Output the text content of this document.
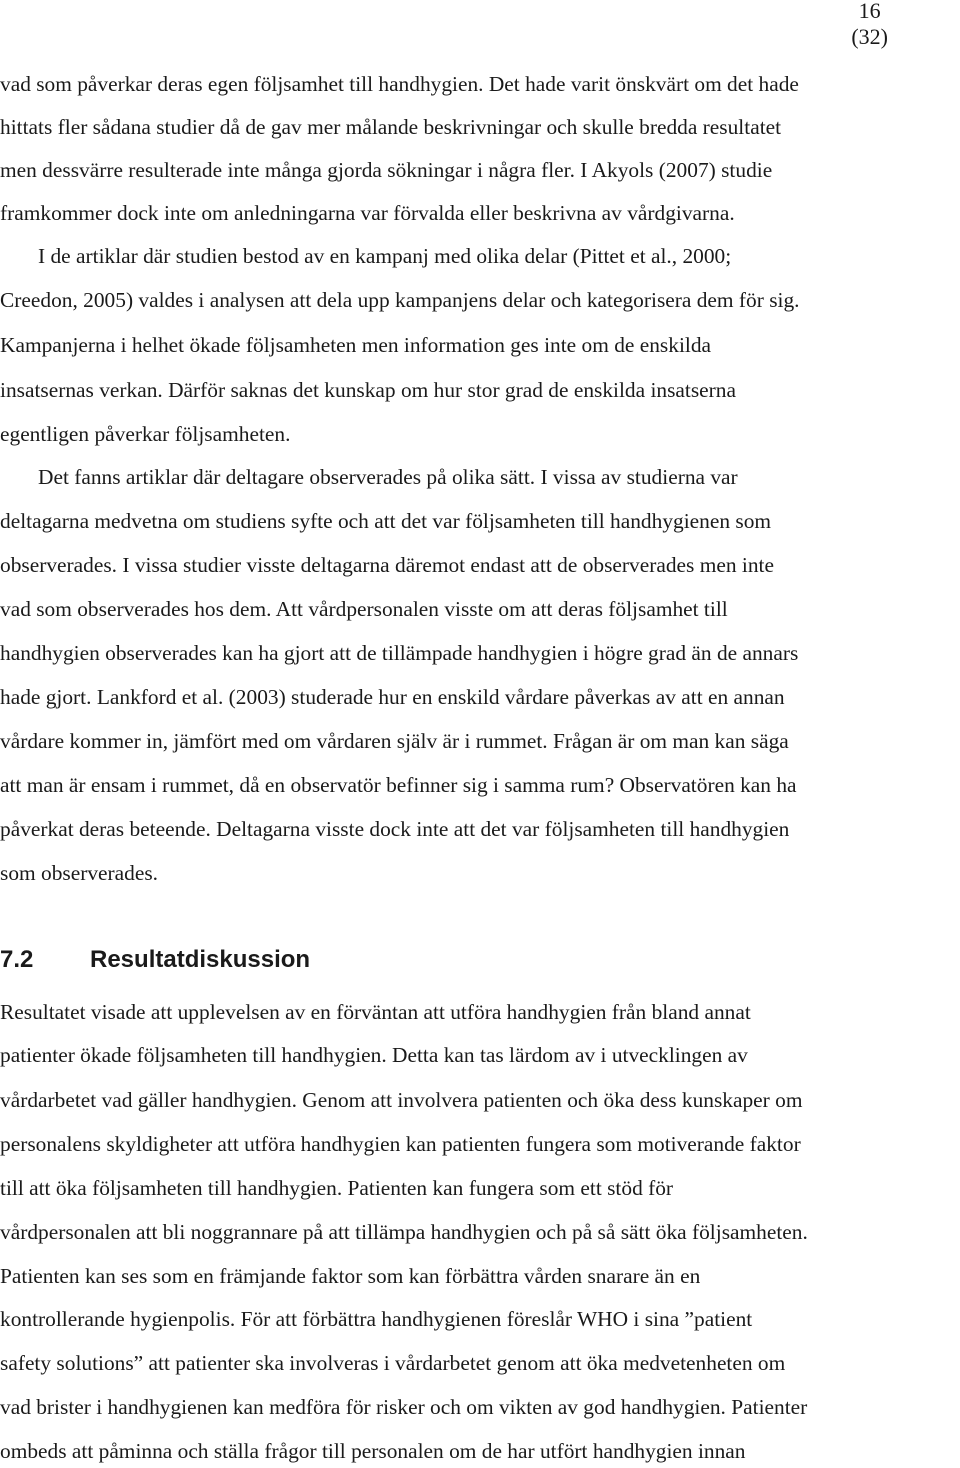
16
(32)
vad som påverkar deras egen följsamhet till handhygien. Det hade varit önskvärt om det hade
hittats fler sådana studier då de gav mer målande beskrivningar och skulle bredda resultatet
men dessvärre resulterade inte många gjorda sökningar i några fler. I Akyols (2007) studie
framkommer dock inte om anledningarna var förvalda eller beskrivna av vårdgivarna.
I de artiklar där studien bestod av en kampanj med olika delar (Pittet et al., 2000;
Creedon, 2005) valdes i analysen att dela upp kampanjens delar och kategorisera dem för sig.
Kampanjerna i helhet ökade följsamheten men information ges inte om de enskilda
insatsernas verkan. Därför saknas det kunskap om hur stor grad de enskilda insatserna
egentligen påverkar följsamheten.
Det fanns artiklar där deltagare observerades på olika sätt. I vissa av studierna var
deltagarna medvetna om studiens syfte och att det var följsamheten till handhygienen som
observerades. I vissa studier visste deltagarna däremot endast att de observerades men inte
vad som observerades hos dem. Att vårdpersonalen visste om att deras följsamhet till
handhygien observerades kan ha gjort att de tillämpade handhygien i högre grad än de annars
hade gjort. Lankford et al. (2003) studerade hur en enskild vårdare påverkas av att en annan
vårdare kommer in, jämfört med om vårdaren själv är i rummet. Frågan är om man kan säga
att man är ensam i rummet, då en observatör befinner sig i samma rum? Observatören kan ha
påverkat deras beteende. Deltagarna visste dock inte att det var följsamheten till handhygien
som observerades.
7.2 Resultatdiskussion
Resultatet visade att upplevelsen av en förväntan att utföra handhygien från bland annat
patienter ökade följsamheten till handhygien. Detta kan tas lärdom av i utvecklingen av
vårdarbetet vad gäller handhygien. Genom att involvera patienten och öka dess kunskaper om
personalens skyldigheter att utföra handhygien kan patienten fungera som motiverande faktor
till att öka följsamheten till handhygien. Patienten kan fungera som ett stöd för
vårdpersonalen att bli noggrannare på att tillämpa handhygien och på så sätt öka följsamheten.
Patienten kan ses som en främjande faktor som kan förbättra vården snarare än en
kontrollerande hygienpolis. För att förbättra handhygienen föreslår WHO i sina ”patient
safety solutions” att patienter ska involveras i vårdarbetet genom att öka medvetenheten om
vad brister i handhygienen kan medföra för risker och om vikten av god handhygien. Patienter
ombeds att påminna och ställa frågor till personalen om de har utfört handhygien innan
